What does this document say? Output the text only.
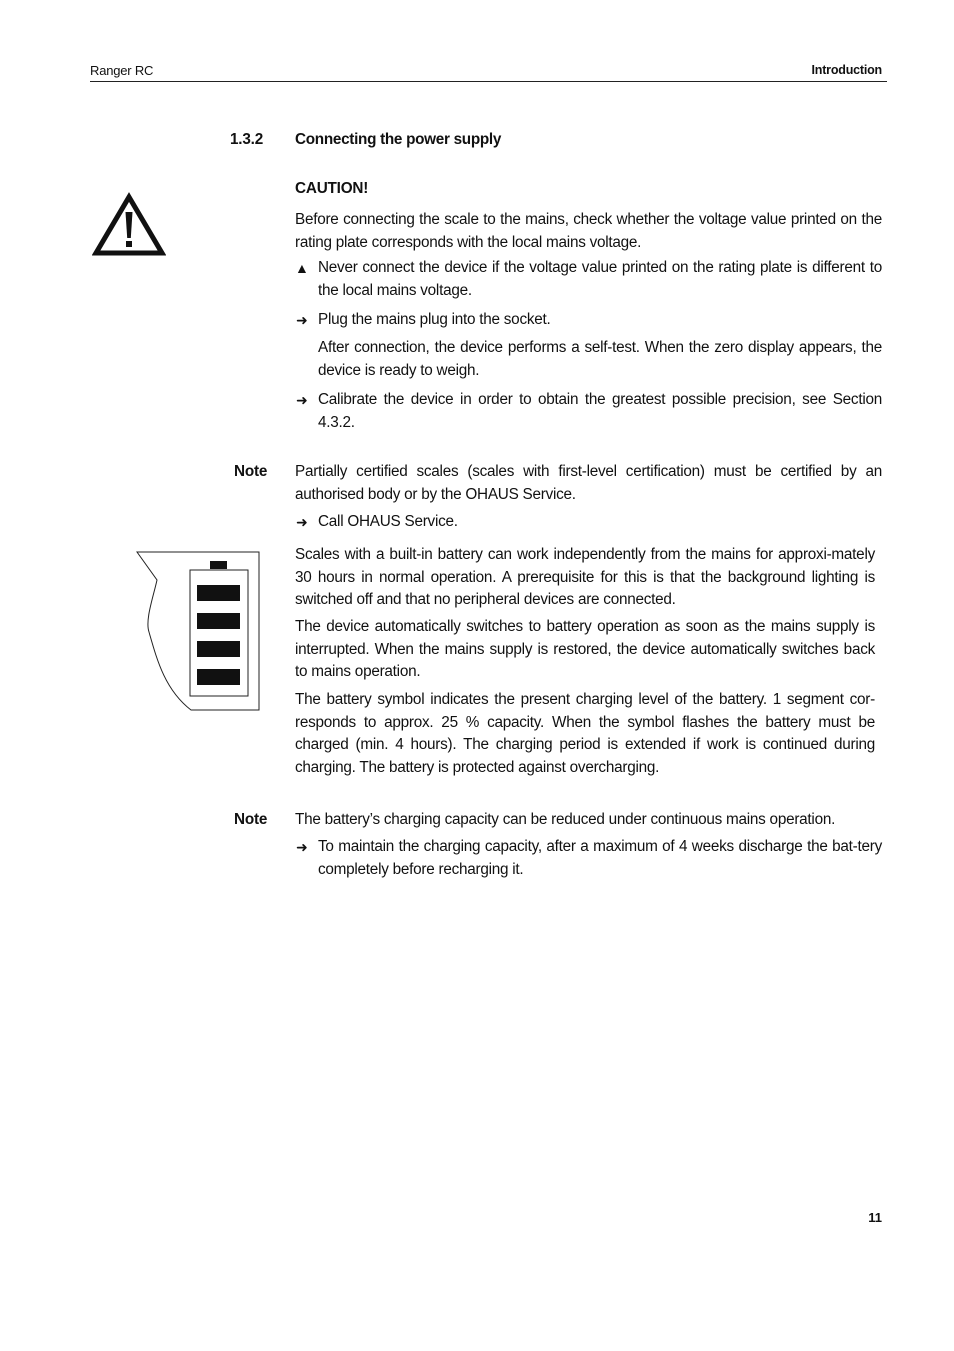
Ranger RC	Introduction
1.3.2 Connecting the power supply
CAUTION!
Before connecting the scale to the mains, check whether the voltage value printed on the rating plate corresponds with the local mains voltage.
▲ Never connect the device if the voltage value printed on the rating plate is different to the local mains voltage.
➜ Plug the mains plug into the socket.
After connection, the device performs a self-test. When the zero display appears, the device is ready to weigh.
➜ Calibrate the device in order to obtain the greatest possible precision, see Section 4.3.2.
Note Partially certified scales (scales with first-level certification) must be certified by an authorised body or by the OHAUS Service.
➜ Call OHAUS Service.
Scales with a built-in battery can work independently from the mains for approxi-mately 30 hours in normal operation. A prerequisite for this is that the background lighting is switched off and that no peripheral devices are connected.
The device automatically switches to battery operation as soon as the mains supply is interrupted. When the mains supply is restored, the device automatically switches back to mains operation.
The battery symbol indicates the present charging level of the battery. 1 segment cor-responds to approx. 25 % capacity. When the symbol flashes the battery must be charged (min. 4 hours). The charging period is extended if work is continued during charging. The battery is protected against overcharging.
Note The battery’s charging capacity can be reduced under continuous mains operation.
➜ To maintain the charging capacity, after a maximum of 4 weeks discharge the bat-tery completely before recharging it.
11
